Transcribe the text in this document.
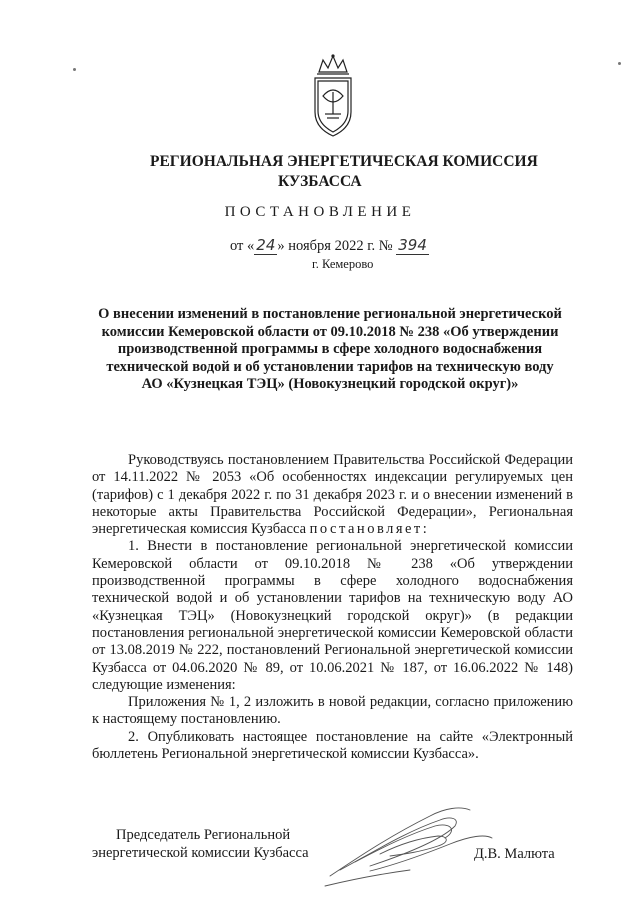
РЕГИОНАЛЬНАЯ ЭНЕРГЕТИЧЕСКАЯ КОМИССИЯ
КУЗБАССА
ПОСТАНОВЛЕНИЕ
от « 24 » ноября 2022 г. № 394
г. Кемерово
О внесении изменений в постановление региональной энергетической комиссии Кемеровской области от 09.10.2018 № 238 «Об утверждении производственной программы в сфере холодного водоснабжения технической водой и об установлении тарифов на техническую воду АО «Кузнецкая ТЭЦ» (Новокузнецкий городской округ)»

Руководствуясь постановлением Правительства Российской Федерации от 14.11.2022 № 2053 «Об особенностях индексации регулируемых цен (тарифов) с 1 декабря 2022 г. по 31 декабря 2023 г. и о внесении изменений в некоторые акты Правительства Российской Федерации», Региональная энергетическая комиссия Кузбасса постановляет:

1. Внести в постановление региональной энергетической комиссии Кемеровской области от 09.10.2018 № 238 «Об утверждении производственной программы в сфере холодного водоснабжения технической водой и об установлении тарифов на техническую воду АО «Кузнецкая ТЭЦ» (Новокузнецкий городской округ)» (в редакции постановления региональной энергетической комиссии Кемеровской области от 13.08.2019 № 222, постановлений Региональной энергетической комиссии Кузбасса от 04.06.2020 № 89, от 10.06.2021 № 187, от 16.06.2022 № 148) следующие изменения:

Приложения № 1, 2 изложить в новой редакции, согласно приложению к настоящему постановлению.

2. Опубликовать настоящее постановление на сайте «Электронный бюллетень Региональной энергетической комиссии Кузбасса».

Председатель Региональной
энергетической комиссии Кузбасса	Д.В. Малюта
